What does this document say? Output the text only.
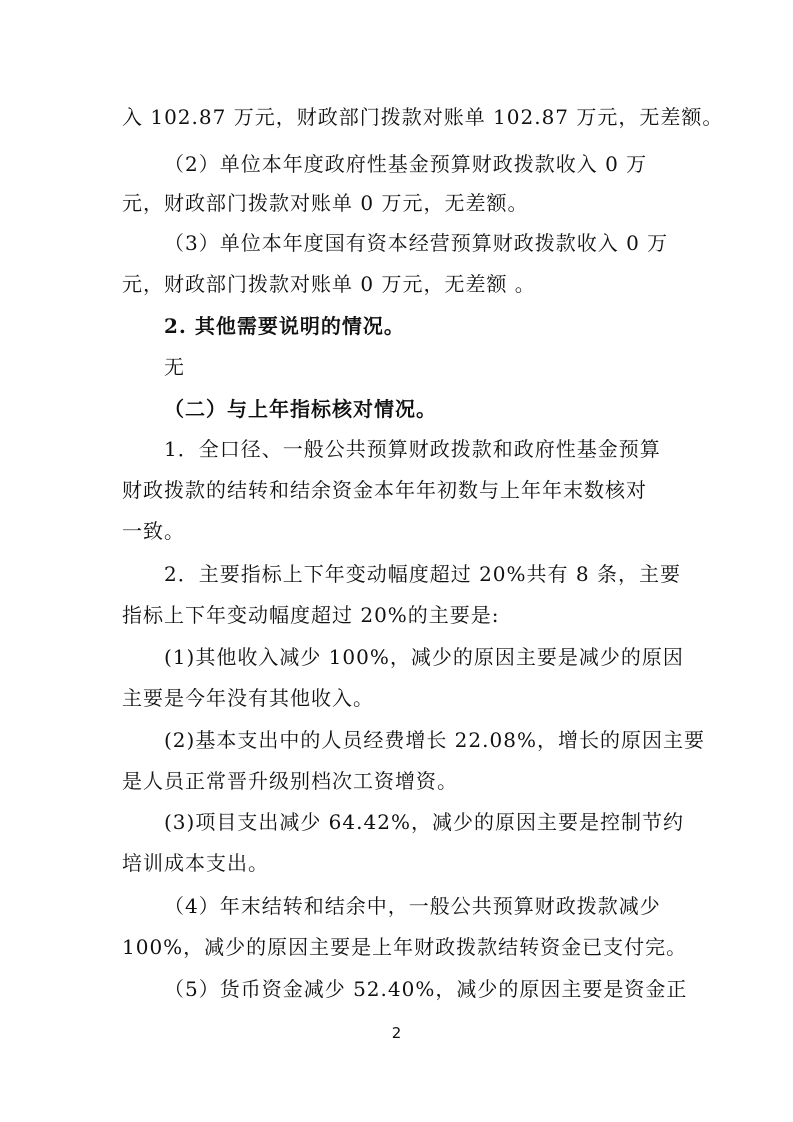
入 102.87 万元，财政部门拨款对账单 102.87 万元，无差额。
（2）单位本年度政府性基金预算财政拨款收入 0 万
元，财政部门拨款对账单 0 万元，无差额。
（3）单位本年度国有资本经营预算财政拨款收入 0 万
元，财政部门拨款对账单 0 万元，无差额 。
2. 其他需要说明的情况。
无
（二）与上年指标核对情况。
1．全口径、一般公共预算财政拨款和政府性基金预算
财政拨款的结转和结余资金本年年初数与上年年末数核对
一致。
2．主要指标上下年变动幅度超过 20%共有 8 条，主要
指标上下年变动幅度超过 20%的主要是:
(1)其他收入减少 100%，减少的原因主要是减少的原因
主要是今年没有其他收入。
(2)基本支出中的人员经费增长 22.08%，增长的原因主要
是人员正常晋升级别档次工资增资。
(3)项目支出减少 64.42%，减少的原因主要是控制节约
培训成本支出。
（4）年末结转和结余中，一般公共预算财政拨款减少
100%，减少的原因主要是上年财政拨款结转资金已支付完。
（5）货币资金减少 52.40%，减少的原因主要是资金正
2
